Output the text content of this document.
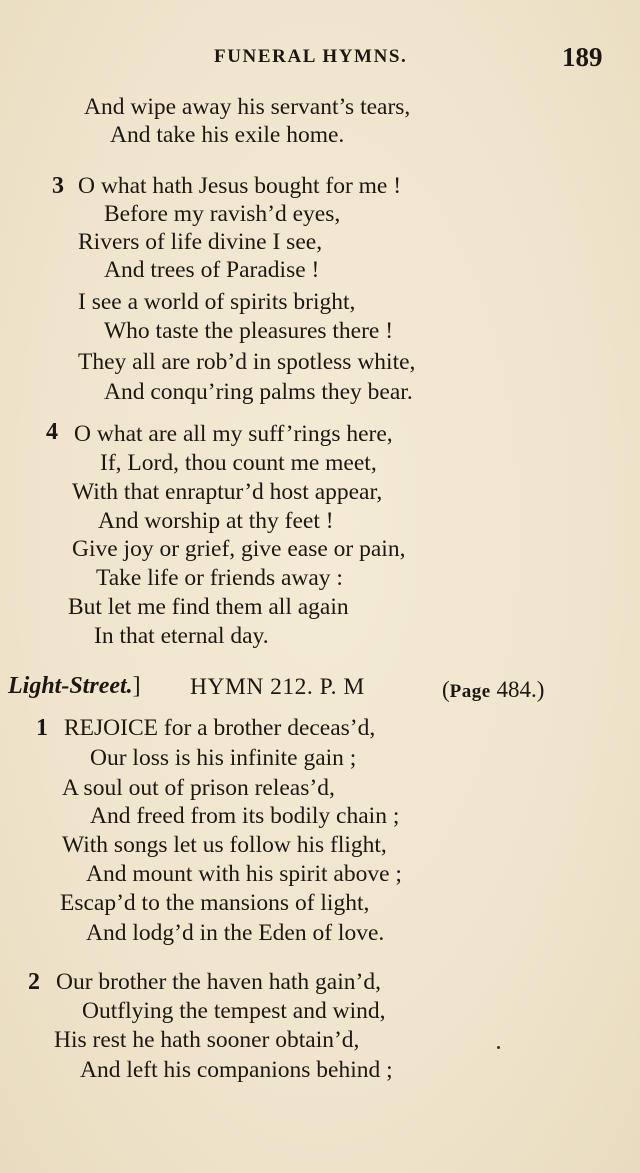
FUNERAL HYMNS.	189
And wipe away his servant’s tears,
And take his exile home.
3 O what hath Jesus bought for me !
Before my ravish’d eyes,
Rivers of life divine I see,
And trees of Paradise !
I see a world of spirits bright,
Who taste the pleasures there !
They all are rob’d in spotless white,
And conqu’ring palms they bear.
4 O what are all my suff’rings here,
If, Lord, thou count me meet,
With that enraptur’d host appear,
And worship at thy feet !
Give joy or grief, give ease or pain,
Take life or friends away :
But let me find them all again
In that eternal day.
Light-Street.] HYMN 212. P. M	(Page 484.)
1 REJOICE for a brother deceas’d,
Our loss is his infinite gain ;
A soul out of prison releas’d,
And freed from its bodily chain ;
With songs let us follow his flight,
And mount with his spirit above ;
Escap’d to the mansions of light,
And lodg’d in the Eden of love.
2 Our brother the haven hath gain’d,
Outflying the tempest and wind,
His rest he hath sooner obtain’d,
And left his companions behind ;
